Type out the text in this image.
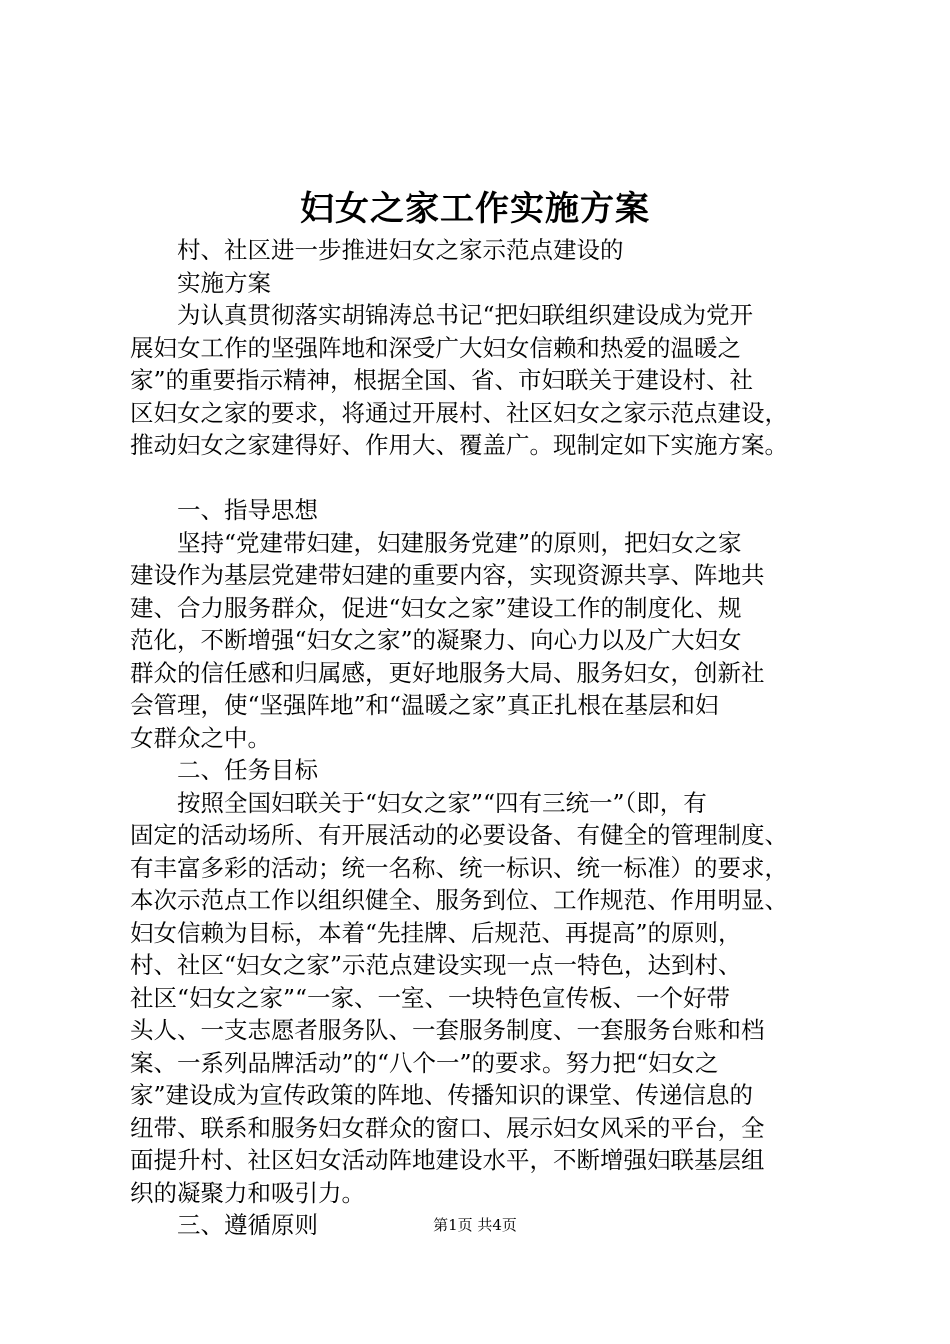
妇女之家工作实施方案
村、社区进一步推进妇女之家示范点建设的
实施方案
为认真贯彻落实胡锦涛总书记“把妇联组织建设成为党开
展妇女工作的坚强阵地和深受广大妇女信赖和热爱的温暖之
家”的重要指示精神，根据全国、省、市妇联关于建设村、社
区妇女之家的要求，将通过开展村、社区妇女之家示范点建设，
推动妇女之家建得好、作用大、覆盖广。现制定如下实施方案。
一、指导思想
坚持“党建带妇建，妇建服务党建”的原则，把妇女之家
建设作为基层党建带妇建的重要内容，实现资源共享、阵地共
建、合力服务群众，促进“妇女之家”建设工作的制度化、规
范化，不断增强“妇女之家”的凝聚力、向心力以及广大妇女
群众的信任感和归属感，更好地服务大局、服务妇女，创新社
会管理，使“坚强阵地”和“温暖之家”真正扎根在基层和妇
女群众之中。
二、任务目标
按照全国妇联关于“妇女之家”“四有三统一”（即，有
固定的活动场所、有开展活动的必要设备、有健全的管理制度、
有丰富多彩的活动；统一名称、统一标识、统一标准）的要求，
本次示范点工作以组织健全、服务到位、工作规范、作用明显、
妇女信赖为目标，本着“先挂牌、后规范、再提高”的原则，
村、社区“妇女之家”示范点建设实现一点一特色，达到村、
社区“妇女之家”“一家、一室、一块特色宣传板、一个好带
头人、一支志愿者服务队、一套服务制度、一套服务台账和档
案、一系列品牌活动”的“八个一”的要求。努力把“妇女之
家”建设成为宣传政策的阵地、传播知识的课堂、传递信息的
纽带、联系和服务妇女群众的窗口、展示妇女风采的平台，全
面提升村、社区妇女活动阵地建设水平，不断增强妇联基层组
织的凝聚力和吸引力。
三、遵循原则	第1页 共4页
